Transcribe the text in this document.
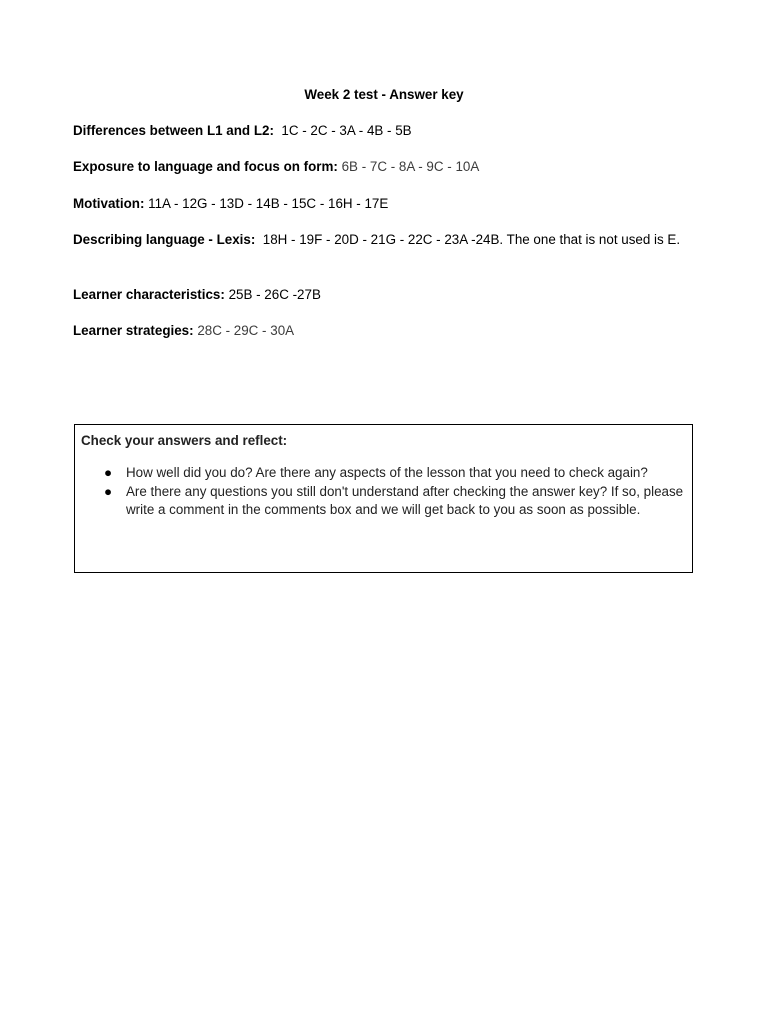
Week 2 test - Answer key
Differences between L1 and L2: 1C - 2C - 3A - 4B - 5B
Exposure to language and focus on form: 6B - 7C - 8A - 9C - 10A
Motivation: 11A - 12G - 13D - 14B - 15C - 16H - 17E
Describing language - Lexis: 18H - 19F - 20D - 21G - 22C - 23A -24B. The one that is not used is E.
Learner characteristics: 25B - 26C -27B
Learner strategies: 28C - 29C - 30A
Check your answers and reflect:
● How well did you do? Are there any aspects of the lesson that you need to check again?
● Are there any questions you still don't understand after checking the answer key? If so, please write a comment in the comments box and we will get back to you as soon as possible.
